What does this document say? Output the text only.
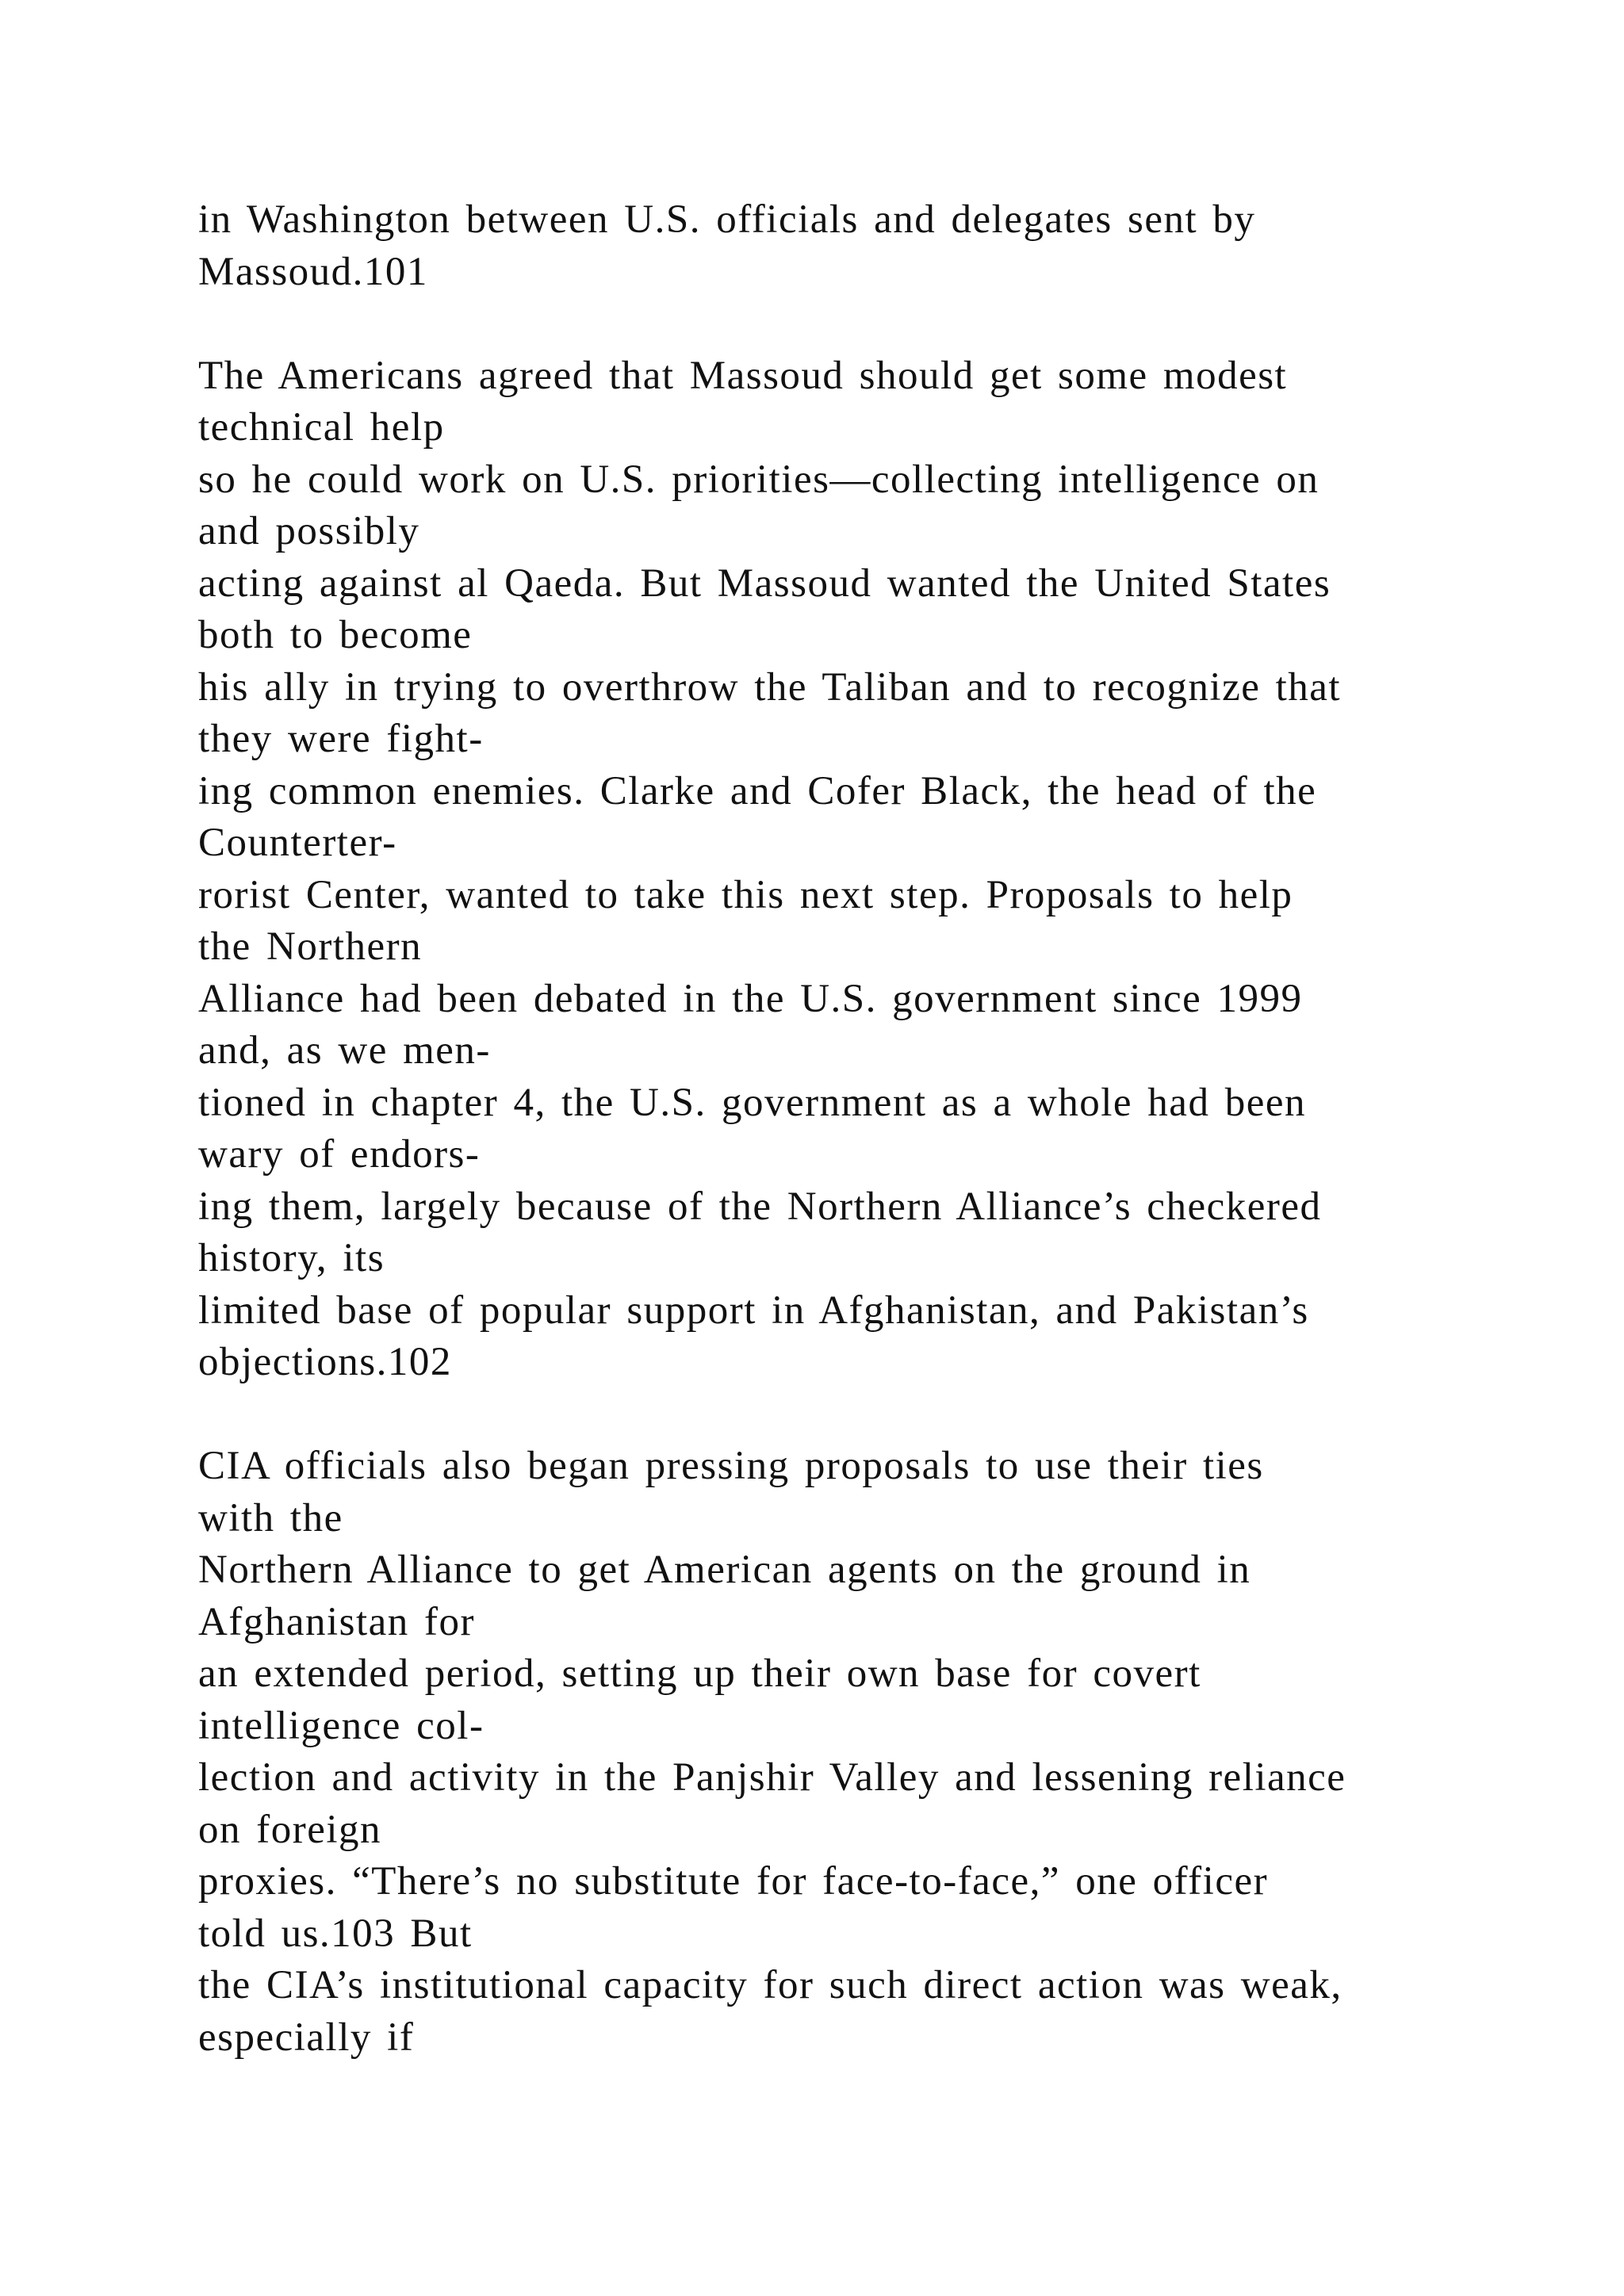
in Washington between U.S. officials and delegates sent by
Massoud.101
The Americans agreed that Massoud should get some modest
technical help
so he could work on U.S. priorities—collecting intelligence on
and possibly
acting against al Qaeda. But Massoud wanted the United States
both to become
his ally in trying to overthrow the Taliban and to recognize that
they were fight-
ing common enemies. Clarke and Cofer Black, the head of the
Counterter-
rorist Center, wanted to take this next step. Proposals to help
the Northern
Alliance had been debated in the U.S. government since 1999
and, as we men-
tioned in chapter 4, the U.S. government as a whole had been
wary of endors-
ing them, largely because of the Northern Alliance’s checkered
history, its
limited base of popular support in Afghanistan, and Pakistan’s
objections.102
CIA officials also began pressing proposals to use their ties
with the
Northern Alliance to get American agents on the ground in
Afghanistan for
an extended period, setting up their own base for covert
intelligence col-
lection and activity in the Panjshir Valley and lessening reliance
on foreign
proxies. “There’s no substitute for face-to-face,” one officer
told us.103 But
the CIA’s institutional capacity for such direct action was weak,
especially if
